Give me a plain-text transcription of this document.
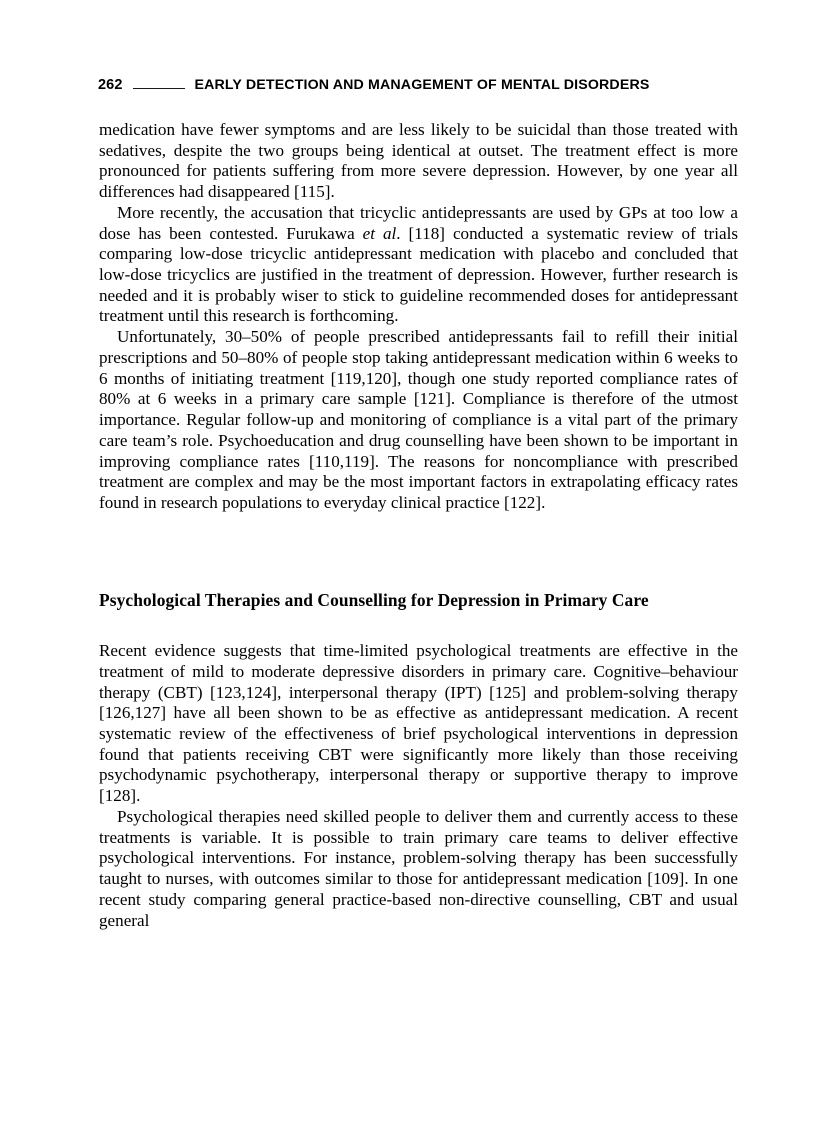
262	EARLY DETECTION AND MANAGEMENT OF MENTAL DISORDERS

medication have fewer symptoms and are less likely to be suicidal than those treated with sedatives, despite the two groups being identical at outset. The treatment effect is more pronounced for patients suffering from more severe depression. However, by one year all differences had disappeared [115].

More recently, the accusation that tricyclic antidepressants are used by GPs at too low a dose has been contested. Furukawa et al. [118] conducted a systematic review of trials comparing low-dose tricyclic antidepressant medication with placebo and concluded that low-dose tricyclics are justified in the treatment of depression. However, further research is needed and it is probably wiser to stick to guideline recommended doses for antidepressant treatment until this research is forthcoming.

Unfortunately, 30–50% of people prescribed antidepressants fail to refill their initial prescriptions and 50–80% of people stop taking antidepressant medication within 6 weeks to 6 months of initiating treatment [119,120], though one study reported compliance rates of 80% at 6 weeks in a primary care sample [121]. Compliance is therefore of the utmost importance. Regular follow-up and monitoring of compliance is a vital part of the primary care team’s role. Psychoeducation and drug counselling have been shown to be important in improving compliance rates [110,119]. The reasons for noncompliance with prescribed treatment are complex and may be the most important factors in extrapolating efficacy rates found in research populations to everyday clinical practice [122].

Psychological Therapies and Counselling for Depression in Primary Care

Recent evidence suggests that time-limited psychological treatments are effective in the treatment of mild to moderate depressive disorders in primary care. Cognitive–behaviour therapy (CBT) [123,124], interpersonal therapy (IPT) [125] and problem-solving therapy [126,127] have all been shown to be as effective as antidepressant medication. A recent systematic review of the effectiveness of brief psychological interventions in depression found that patients receiving CBT were significantly more likely than those receiving psychodynamic psychotherapy, interpersonal therapy or supportive therapy to improve [128].

Psychological therapies need skilled people to deliver them and currently access to these treatments is variable. It is possible to train primary care teams to deliver effective psychological interventions. For instance, problem-solving therapy has been successfully taught to nurses, with outcomes similar to those for antidepressant medication [109]. In one recent study comparing general practice-based non-directive counselling, CBT and usual general
